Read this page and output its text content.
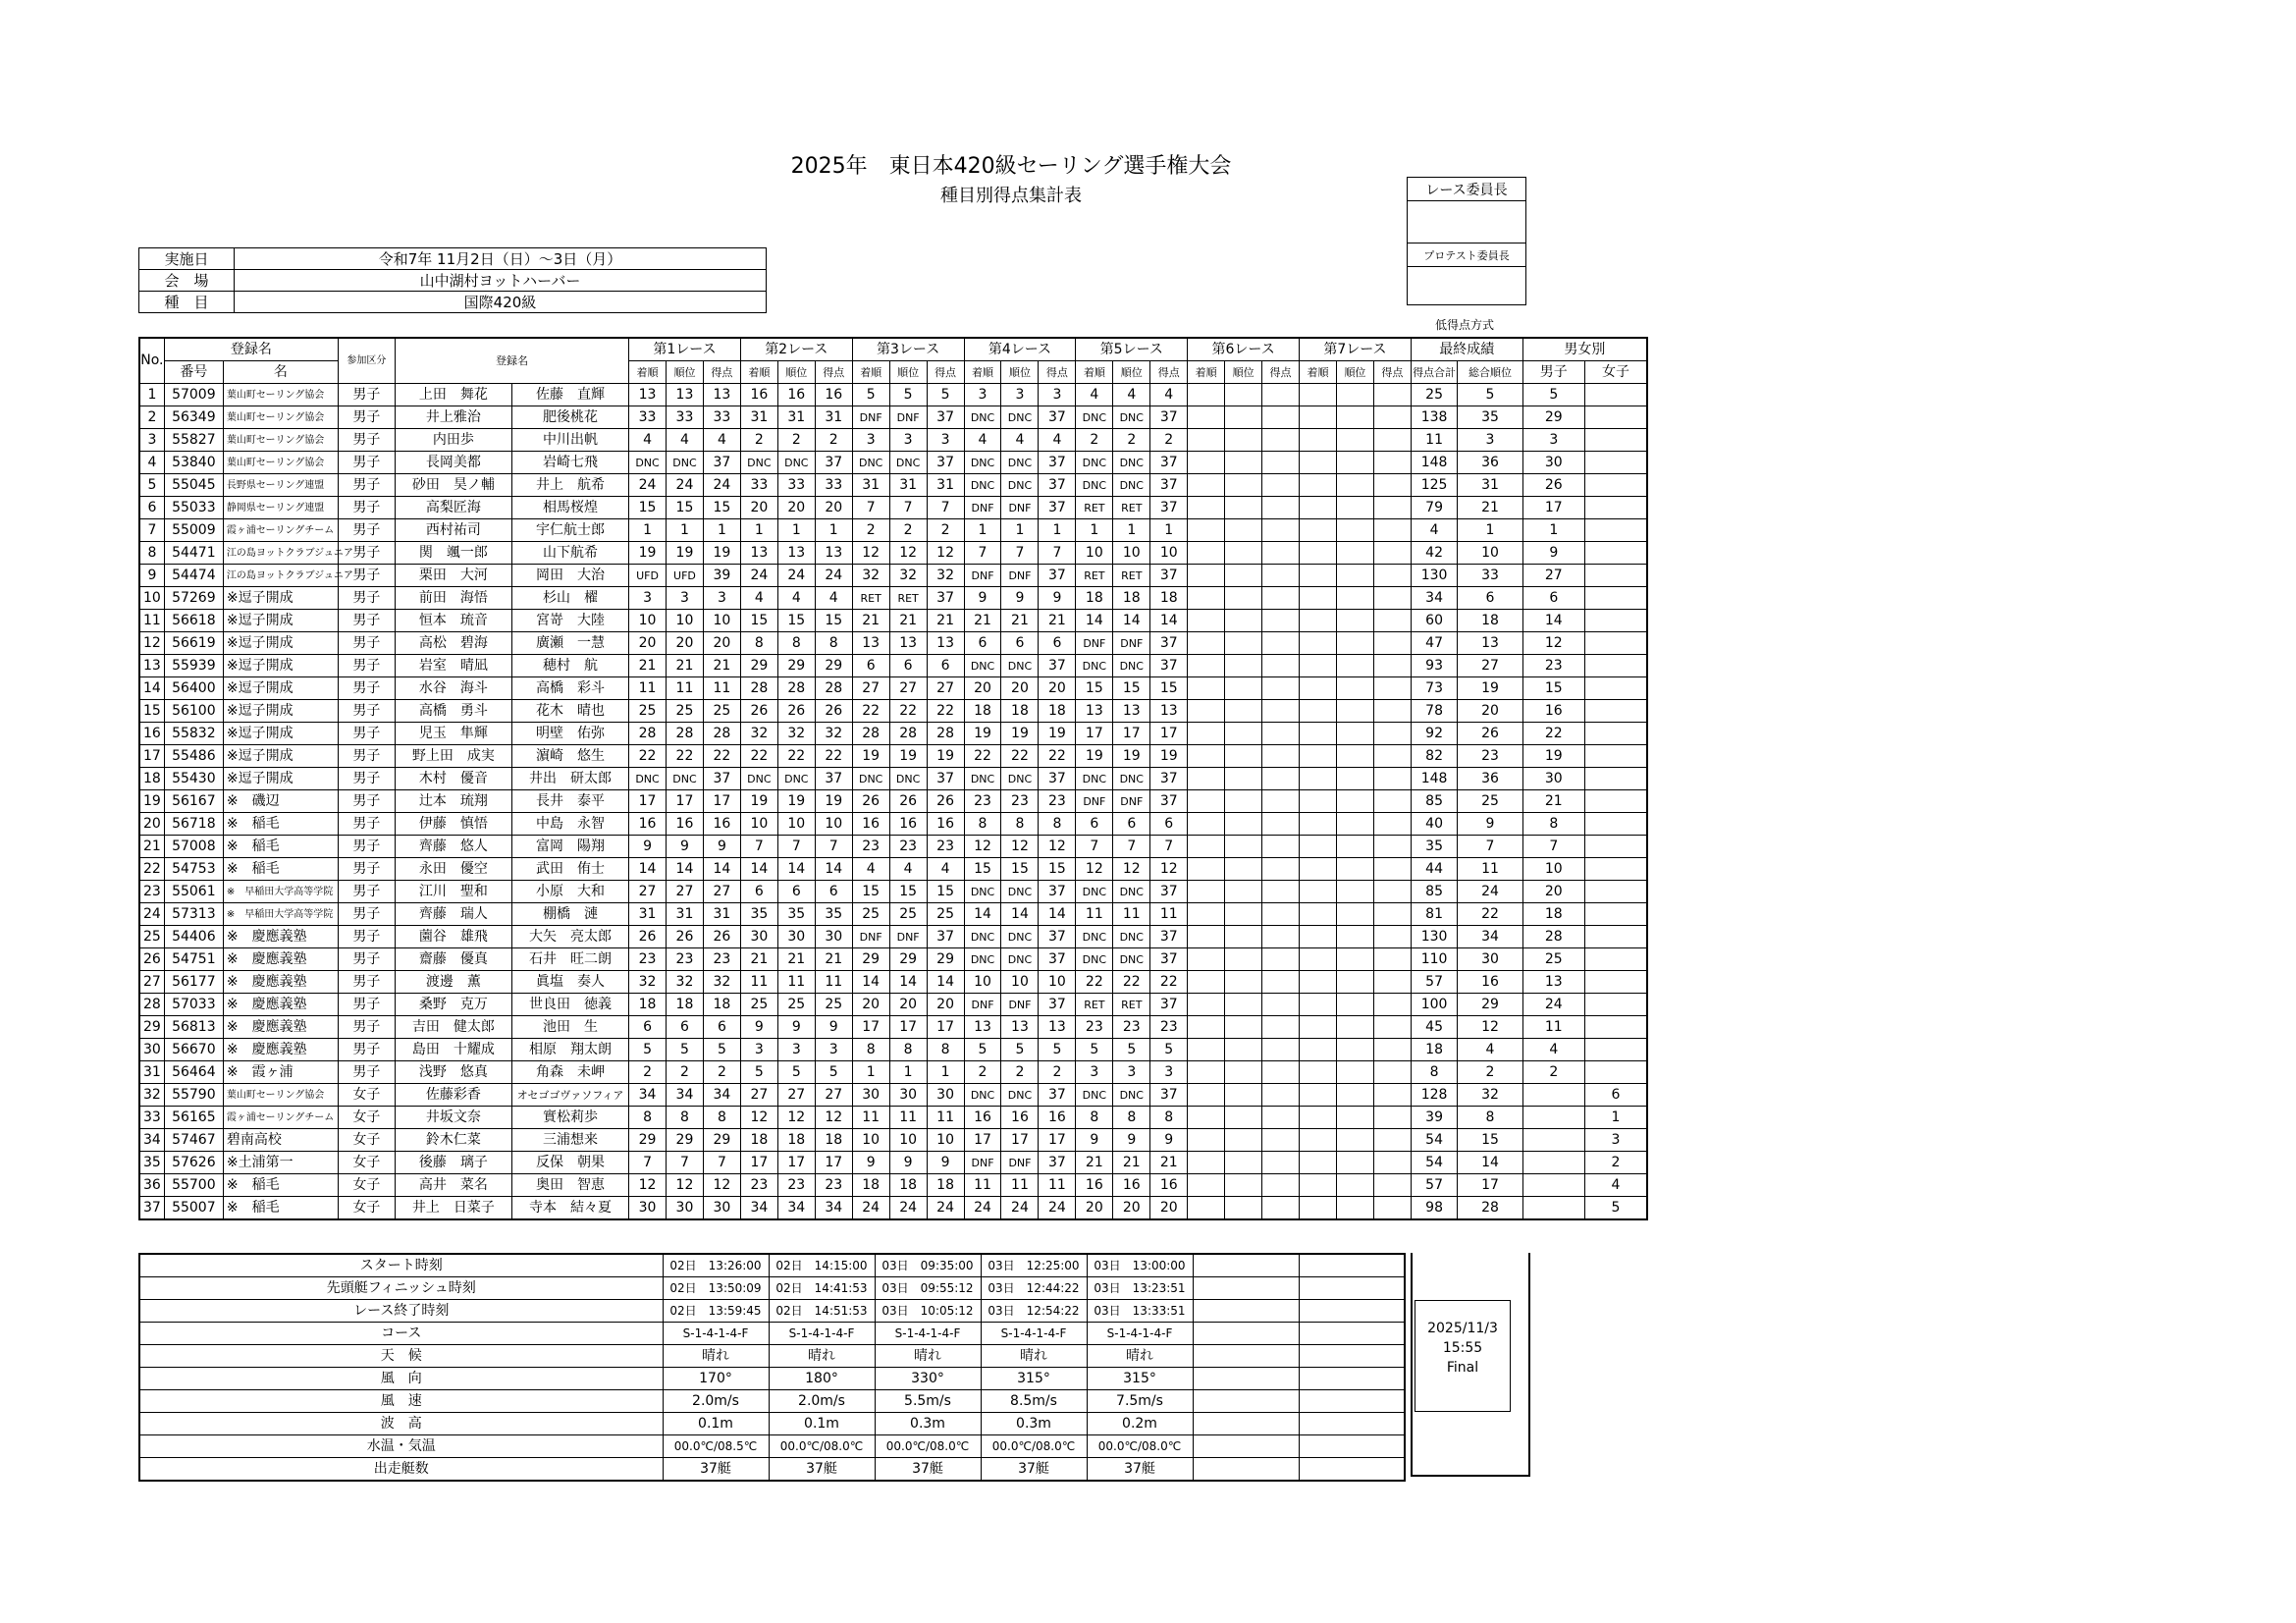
2025年　東日本420級セーリング選手権大会
種目別得点集計表
実施日	令和7年 11月2日（日）～3日（月）
会　場	山中湖村ヨットハーバー
種　目	国際420級
レース委員長

プロテスト委員長

低得点方式
No.	登録名		参加区分	登録名		第1レース			第2レース			第3レース			第4レース			第5レース			第6レース			第7レース			最終成績		男女別	
	番号	名				着順	順位	得点	着順	順位	得点	着順	順位	得点	着順	順位	得点	着順	順位	得点	着順	順位	得点	着順	順位	得点	得点合計	総合順位	男子	女子
1	57009	葉山町セーリング協会	男子	上田　舞花	佐藤　直輝	13	13	13	16	16	16	5	5	5	3	3	3	4	4	4							25	5	5	
2	56349	葉山町セーリング協会	男子	井上雅治	肥後桃花	33	33	33	31	31	31	DNF	DNF	37	DNC	DNC	37	DNC	DNC	37							138	35	29	
3	55827	葉山町セーリング協会	男子	内田歩	中川出帆	4	4	4	2	2	2	3	3	3	4	4	4	2	2	2							11	3	3	
4	53840	葉山町セーリング協会	男子	長岡美都	岩崎七飛	DNC	DNC	37	DNC	DNC	37	DNC	DNC	37	DNC	DNC	37	DNC	DNC	37							148	36	30	
5	55045	長野県セーリング連盟	男子	砂田　昊ノ輔	井上　航希	24	24	24	33	33	33	31	31	31	DNC	DNC	37	DNC	DNC	37							125	31	26	
6	55033	静岡県セーリング連盟	男子	高梨匠海	相馬桜煌	15	15	15	20	20	20	7	7	7	DNF	DNF	37	RET	RET	37							79	21	17	
7	55009	霞ヶ浦セーリングチーム	男子	西村祐司	宇仁航士郎	1	1	1	1	1	1	2	2	2	1	1	1	1	1	1							4	1	1	
8	54471	江の島ヨットクラブジュニア	男子	関　颯一郎	山下航希	19	19	19	13	13	13	12	12	12	7	7	7	10	10	10							42	10	9	
9	54474	江の島ヨットクラブジュニア	男子	栗田　大河	岡田　大治	UFD	UFD	39	24	24	24	32	32	32	DNF	DNF	37	RET	RET	37							130	33	27	
10	57269	※逗子開成	男子	前田　海悟	杉山　櫂	3	3	3	4	4	4	RET	RET	37	9	9	9	18	18	18							34	6	6	
11	56618	※逗子開成	男子	恒本　琉音	宮嵜　大陸	10	10	10	15	15	15	21	21	21	21	21	21	14	14	14							60	18	14	
12	56619	※逗子開成	男子	高松　碧海	廣瀬　一慧	20	20	20	8	8	8	13	13	13	6	6	6	DNF	DNF	37							47	13	12	
13	55939	※逗子開成	男子	岩室　晴凪	穂村　航	21	21	21	29	29	29	6	6	6	DNC	DNC	37	DNC	DNC	37							93	27	23	
14	56400	※逗子開成	男子	水谷　海斗	高橋　彩斗	11	11	11	28	28	28	27	27	27	20	20	20	15	15	15							73	19	15	
15	56100	※逗子開成	男子	高橋　勇斗	花木　晴也	25	25	25	26	26	26	22	22	22	18	18	18	13	13	13							78	20	16	
16	55832	※逗子開成	男子	児玉　隼輝	明壁　佑弥	28	28	28	32	32	32	28	28	28	19	19	19	17	17	17							92	26	22	
17	55486	※逗子開成	男子	野上田　成実	濵崎　悠生	22	22	22	22	22	22	19	19	19	22	22	22	19	19	19							82	23	19	
18	55430	※逗子開成	男子	木村　優音	井出　研太郎	DNC	DNC	37	DNC	DNC	37	DNC	DNC	37	DNC	DNC	37	DNC	DNC	37							148	36	30	
19	56167	※　磯辺	男子	辻本　琉翔	長井　泰平	17	17	17	19	19	19	26	26	26	23	23	23	DNF	DNF	37							85	25	21	
20	56718	※　稲毛	男子	伊藤　慎悟	中島　永智	16	16	16	10	10	10	16	16	16	8	8	8	6	6	6							40	9	8	
21	57008	※　稲毛	男子	齊藤　悠人	富岡　陽翔	9	9	9	7	7	7	23	23	23	12	12	12	7	7	7							35	7	7	
22	54753	※　稲毛	男子	永田　優空	武田　侑士	14	14	14	14	14	14	4	4	4	15	15	15	12	12	12							44	11	10	
23	55061	※　早稲田大学高等学院	男子	江川　聖和	小原　大和	27	27	27	6	6	6	15	15	15	DNC	DNC	37	DNC	DNC	37							85	24	20	
24	57313	※　早稲田大学高等学院	男子	齊藤　瑞人	棚橋　漣	31	31	31	35	35	35	25	25	25	14	14	14	11	11	11							81	22	18	
25	54406	※　慶應義塾	男子	薗谷　雄飛	大矢　亮太郎	26	26	26	30	30	30	DNF	DNF	37	DNC	DNC	37	DNC	DNC	37							130	34	28	
26	54751	※　慶應義塾	男子	齋藤　優真	石井　旺二朗	23	23	23	21	21	21	29	29	29	DNC	DNC	37	DNC	DNC	37							110	30	25	
27	56177	※　慶應義塾	男子	渡邊　薫	眞塩　奏人	32	32	32	11	11	11	14	14	14	10	10	10	22	22	22							57	16	13	
28	57033	※　慶應義塾	男子	桑野　克万	世良田　徳義	18	18	18	25	25	25	20	20	20	DNF	DNF	37	RET	RET	37							100	29	24	
29	56813	※　慶應義塾	男子	吉田　健太郎	池田　生	6	6	6	9	9	9	17	17	17	13	13	13	23	23	23							45	12	11	
30	56670	※　慶應義塾	男子	島田　十耀成	相原　翔太朗	5	5	5	3	3	3	8	8	8	5	5	5	5	5	5							18	4	4	
31	56464	※　霞ヶ浦	男子	浅野　悠真	角森　未岬	2	2	2	5	5	5	1	1	1	2	2	2	3	3	3							8	2	2	
32	55790	葉山町セーリング協会	女子	佐藤彩香	オセゴゴヴァソフィア	34	34	34	27	27	27	30	30	30	DNC	DNC	37	DNC	DNC	37							128	32		6
33	56165	霞ヶ浦セーリングチーム	女子	井坂文奈	實松莉歩	8	8	8	12	12	12	11	11	11	16	16	16	8	8	8							39	8		1
34	57467	碧南高校	女子	鈴木仁菜	三浦想来	29	29	29	18	18	18	10	10	10	17	17	17	9	9	9							54	15		3
35	57626	※土浦第一	女子	後藤　璃子	反保　朝果	7	7	7	17	17	17	9	9	9	DNF	DNF	37	21	21	21							54	14		2
36	55700	※　稲毛	女子	高井　菜名	奥田　智恵	12	12	12	23	23	23	18	18	18	11	11	11	16	16	16							57	17		4
37	55007	※　稲毛	女子	井上　日菜子	寺本　結々夏	30	30	30	34	34	34	24	24	24	24	24	24	20	20	20							98	28		5
スタート時刻	02日　13:26:00	02日　14:15:00	03日　09:35:00	03日　12:25:00	03日　13:00:00		
先頭艇フィニッシュ時刻	02日　13:50:09	02日　14:41:53	03日　09:55:12	03日　12:44:22	03日　13:23:51		
レース終了時刻	02日　13:59:45	02日　14:51:53	03日　10:05:12	03日　12:54:22	03日　13:33:51		
コース	S-1-4-1-4-F	S-1-4-1-4-F	S-1-4-1-4-F	S-1-4-1-4-F	S-1-4-1-4-F		
天　候	晴れ	晴れ	晴れ	晴れ	晴れ		
風　向	170°	180°	330°	315°	315°		
風　速	2.0m/s	2.0m/s	5.5m/s	8.5m/s	7.5m/s		
波　高	0.1m	0.1m	0.3m	0.3m	0.2m		
水温・気温	00.0℃/08.5℃	00.0℃/08.0℃	00.0℃/08.0℃	00.0℃/08.0℃	00.0℃/08.0℃		
出走艇数	37艇	37艇	37艇	37艇	37艇		
2025/11/3
15:55
Final
